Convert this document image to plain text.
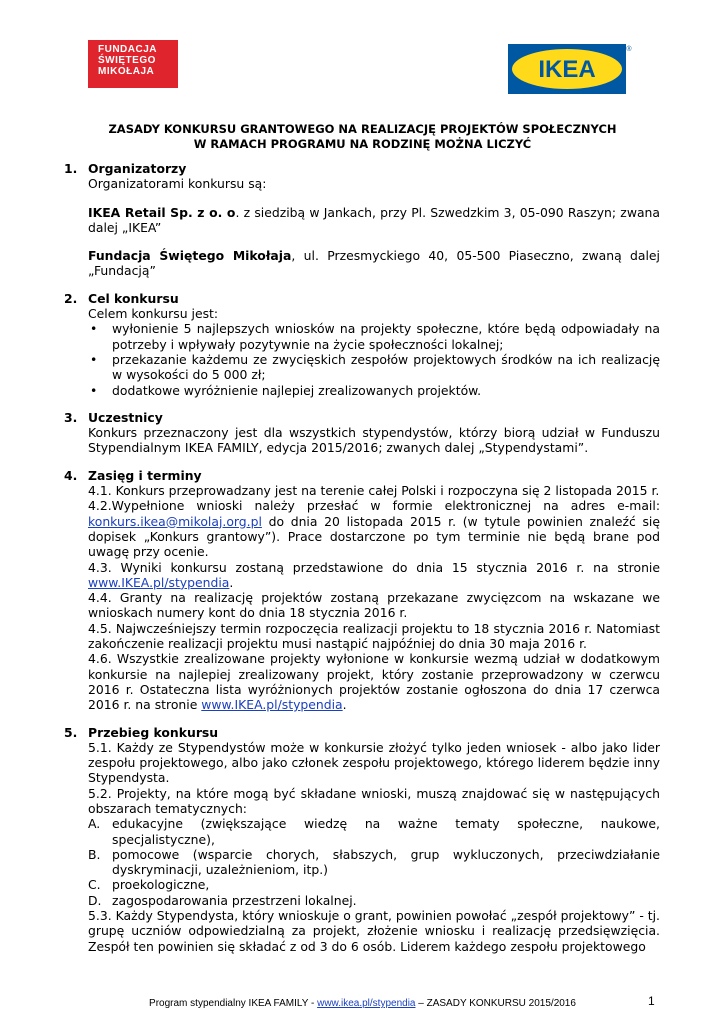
FUNDACJA
ŚWIĘTEGO
MIKOŁAJA	IKEA
®
ZASADY KONKURSU GRANTOWEGO NA REALIZACJĘ PROJEKTÓW SPOŁECZNYCH
W RAMACH PROGRAMU NA RODZINĘ MOŻNA LICZYĆ
1. Organizatorzy
Organizatorami konkursu są:
IKEA Retail Sp. z o. o. z siedzibą w Jankach, przy Pl. Szwedzkim 3, 05-090 Raszyn; zwana dalej „IKEA”
Fundacja Świętego Mikołaja, ul. Przesmyckiego 40, 05-500 Piaseczno, zwaną dalej „Fundacją”
2. Cel konkursu
Celem konkursu jest:
• wyłonienie 5 najlepszych wniosków na projekty społeczne, które będą odpowiadały na potrzeby i wpływały pozytywnie na życie społeczności lokalnej;
• przekazanie każdemu ze zwycięskich zespołów projektowych środków na ich realizację w wysokości do 5 000 zł;
• dodatkowe wyróżnienie najlepiej zrealizowanych projektów.
3. Uczestnicy
Konkurs przeznaczony jest dla wszystkich stypendystów, którzy biorą udział w Funduszu Stypendialnym IKEA FAMILY, edycja 2015/2016; zwanych dalej „Stypendystami”.
4. Zasięg i terminy
4.1. Konkurs przeprowadzany jest na terenie całej Polski i rozpoczyna się 2 listopada 2015 r.
4.2.Wypełnione wnioski należy przesłać w formie elektronicznej na adres e-mail: konkurs.ikea@mikolaj.org.pl do dnia 20 listopada 2015 r. (w tytule powinien znaleźć się dopisek „Konkurs grantowy”). Prace dostarczone po tym terminie nie będą brane pod uwagę przy ocenie.
4.3. Wyniki konkursu zostaną przedstawione do dnia 15 stycznia 2016 r. na stronie www.IKEA.pl/stypendia.
4.4. Granty na realizację projektów zostaną przekazane zwycięzcom na wskazane we wnioskach numery kont do dnia 18 stycznia 2016 r.
4.5. Najwcześniejszy termin rozpoczęcia realizacji projektu to 18 stycznia 2016 r. Natomiast zakończenie realizacji projektu musi nastąpić najpóźniej do dnia 30 maja 2016 r.
4.6. Wszystkie zrealizowane projekty wyłonione w konkursie wezmą udział w dodatkowym konkursie na najlepiej zrealizowany projekt, który zostanie przeprowadzony w czerwcu 2016 r. Ostateczna lista wyróżnionych projektów zostanie ogłoszona do dnia 17 czerwca 2016 r. na stronie www.IKEA.pl/stypendia.
5. Przebieg konkursu
5.1. Każdy ze Stypendystów może w konkursie złożyć tylko jeden wniosek - albo jako lider zespołu projektowego, albo jako członek zespołu projektowego, którego liderem będzie inny Stypendysta.
5.2. Projekty, na które mogą być składane wnioski, muszą znajdować się w następujących obszarach tematycznych:
A. edukacyjne (zwiększające wiedzę na ważne tematy społeczne, naukowe, specjalistyczne),
B. pomocowe (wsparcie chorych, słabszych, grup wykluczonych, przeciwdziałanie dyskryminacji, uzależnieniom, itp.)
C. proekologiczne,
D. zagospodarowania przestrzeni lokalnej.
5.3. Każdy Stypendysta, który wnioskuje o grant, powinien powołać „zespół projektowy” - tj. grupę uczniów odpowiedzialną za projekt, złożenie wniosku i realizację przedsięwzięcia. Zespół ten powinien się składać z od 3 do 6 osób. Liderem każdego zespołu projektowego
Program stypendialny IKEA FAMILY - www.ikea.pl/stypendia – ZASADY KONKURSU 2015/2016	1
